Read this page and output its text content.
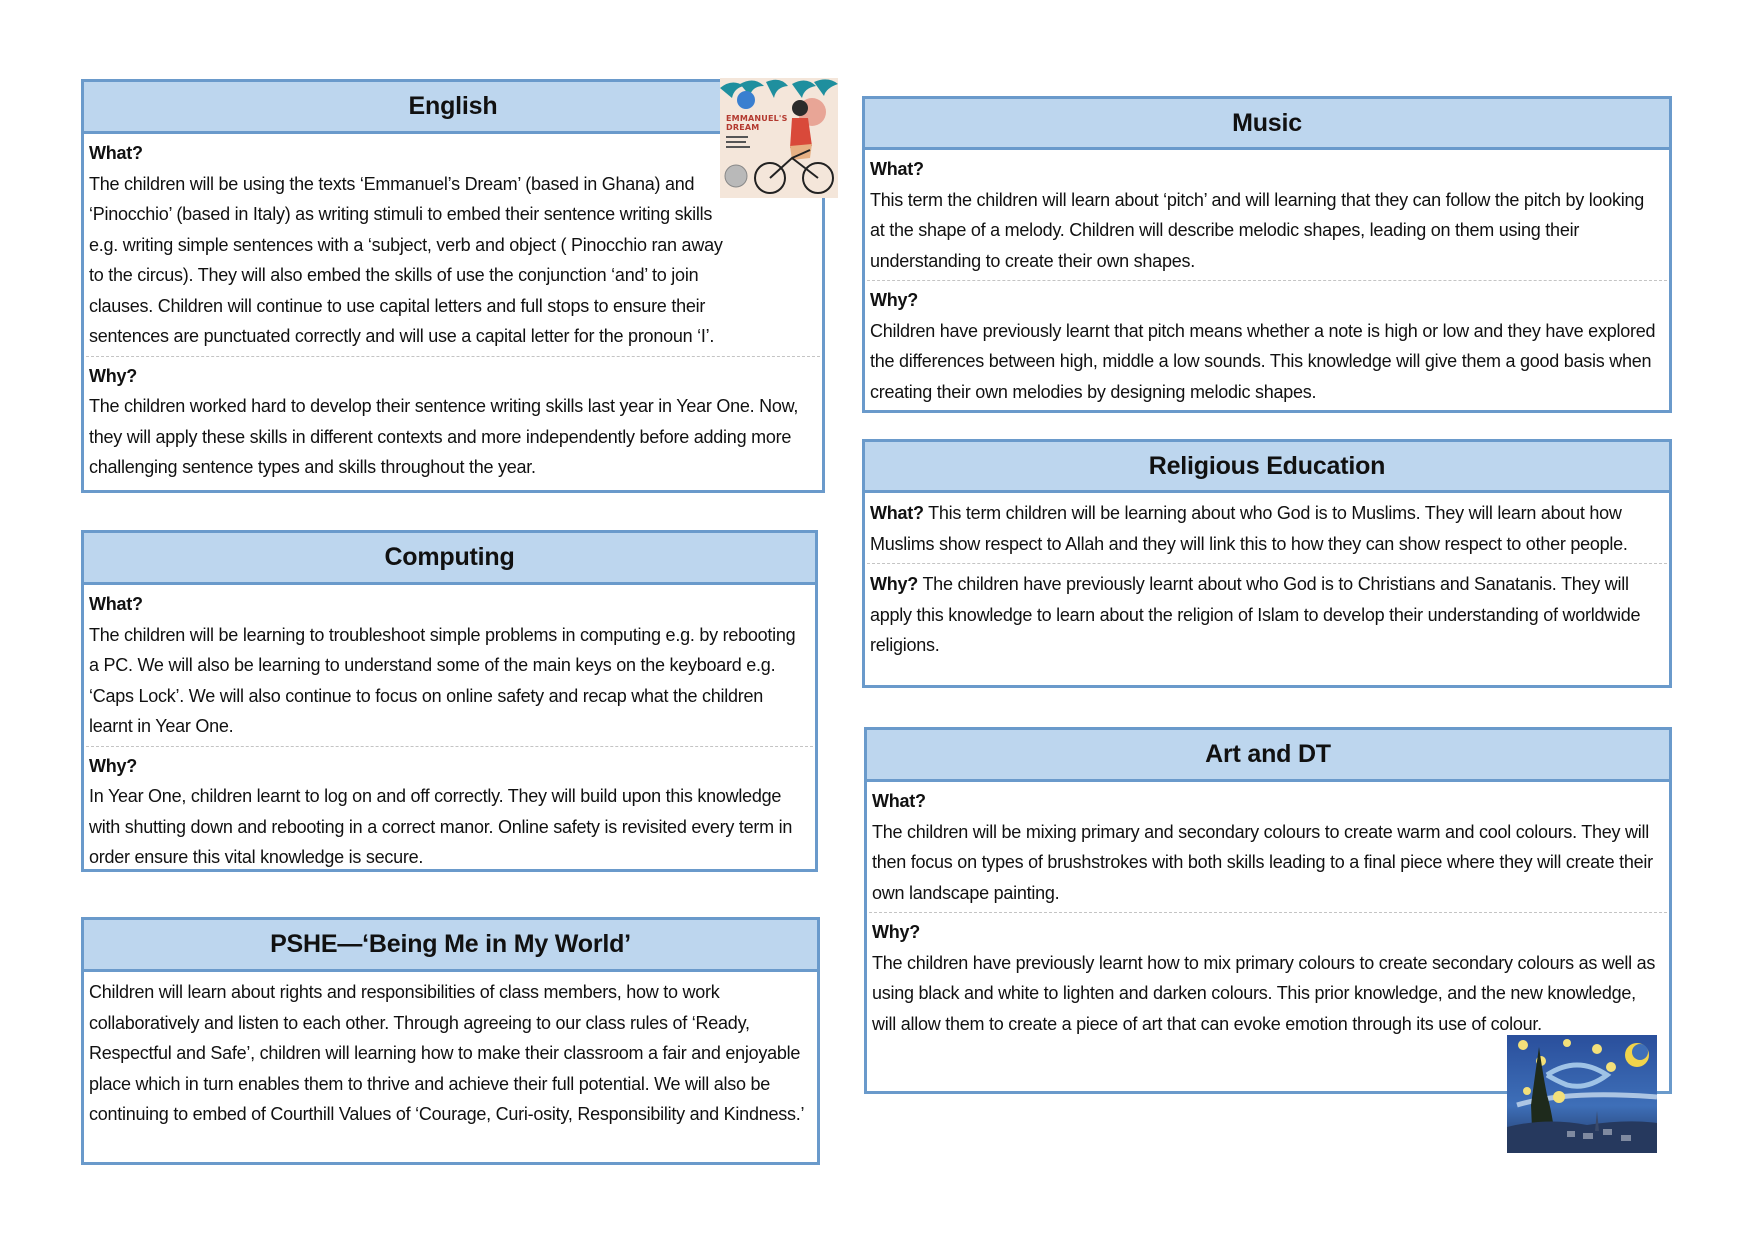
English
What?
The children will be using the texts ‘Emmanuel’s Dream’ (based in Ghana) and ‘Pinocchio’ (based in Italy) as writing stimuli to embed their sentence writing skills e.g. writing simple sentences with a ‘subject, verb and object ( Pinocchio ran away to the circus). They will also embed the skills of use the conjunction ‘and’ to join clauses. Children will continue to use capital letters and full stops to ensure their sentences are punctuated correctly and will use a capital letter for the pronoun ‘I’.
Why?
The children worked hard to develop their sentence writing skills last year in Year One. Now, they will apply these skills in different contexts and more independently before adding more challenging sentence types and skills throughout the year.
EMMANUEL'S DREAM
Computing
What?
The children will be learning to troubleshoot simple problems in computing e.g. by rebooting a PC. We will also be learning to understand some of the main keys on the keyboard e.g. ‘Caps Lock’. We will also continue to focus on online safety and recap what the children learnt in Year One.
Why?
In Year One, children learnt to log on and off correctly. They will build upon this knowledge with shutting down and rebooting in a correct manor. Online safety is revisited every term in order ensure this vital knowledge is secure.
PSHE—‘Being Me in My World’
Children will learn about rights and responsibilities of class members, how to work collaboratively and listen to each other. Through agreeing to our class rules of ‘Ready, Respectful and Safe’, children will learning how to make their classroom a fair and enjoyable place which in turn enables them to thrive and achieve their full potential. We will also be continuing to embed of Courthill Values of ‘Courage, Curi-osity, Responsibility and Kindness.’
Music
What?
This term the children will learn about ‘pitch’ and will learning that they can follow the pitch by looking at the shape of a melody. Children will describe melodic shapes, leading on them using their understanding to create their own shapes.
Why?
Children have previously learnt that pitch means whether a note is high or low and they have explored the differences between high, middle a low sounds. This knowledge will give them a good basis when creating their own melodies by designing melodic shapes.
Religious Education
What? This term children will be learning about who God is to Muslims. They will learn about how Muslims show respect to Allah and they will link this to how they can show respect to other people.
Why? The children have previously learnt about who God is to Christians and Sanatanis. They will apply this knowledge to learn about the religion of Islam to develop their understanding of worldwide religions.
Art and DT
What?
The children will be mixing primary and secondary colours to create warm and cool colours. They will then focus on types of brushstrokes with both skills leading to a final piece where they will create their own landscape painting.
Why?
The children have previously learnt how to mix primary colours to create secondary colours as well as using black and white to lighten and darken colours. This prior knowledge, and the new knowledge, will allow them to create a piece of art that can evoke emotion through its use of colour.
